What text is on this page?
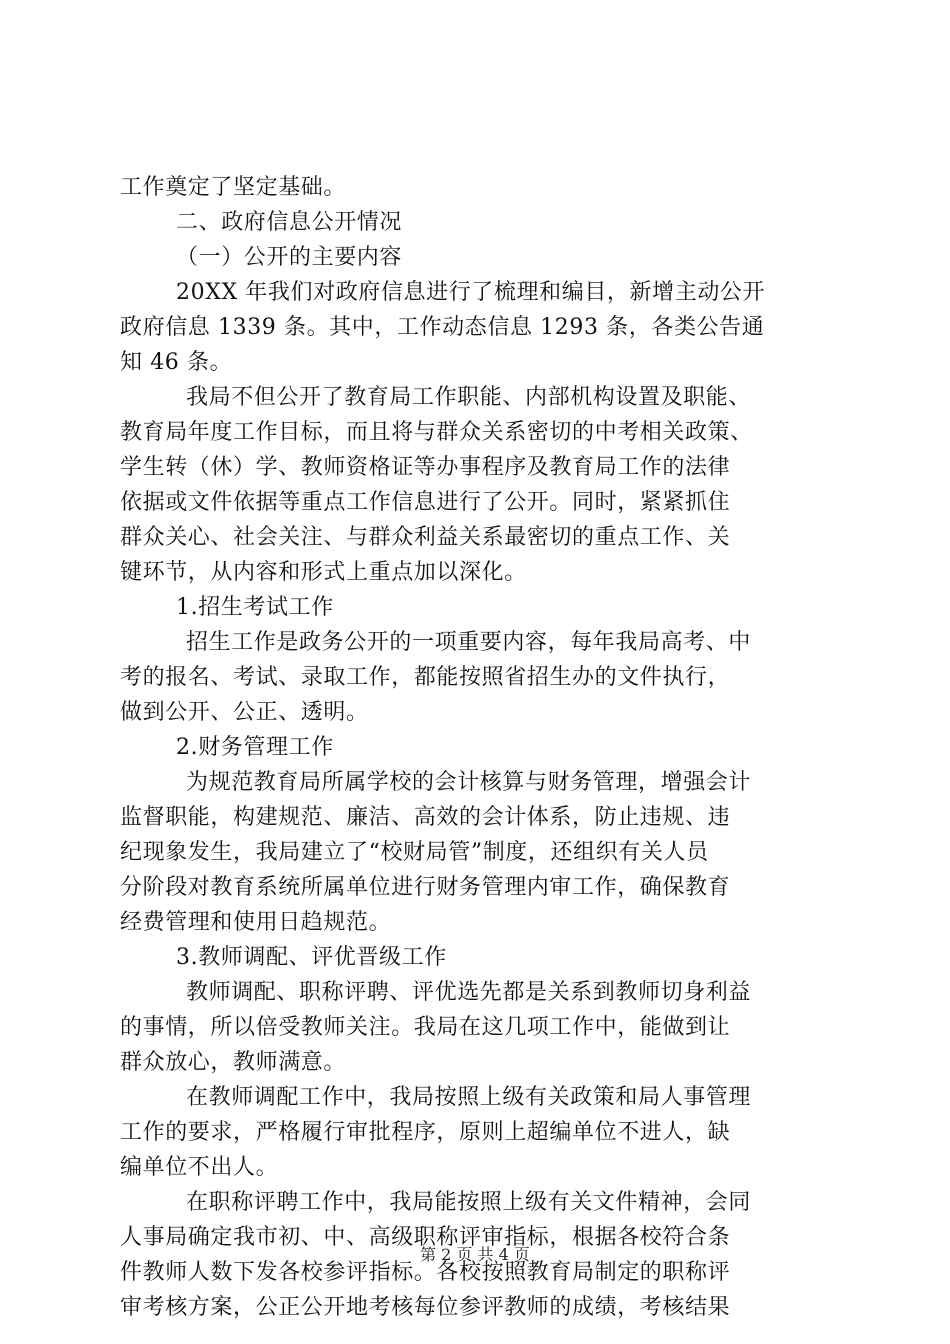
工作奠定了坚定基础。
二、政府信息公开情况
（一）公开的主要内容
20XX 年我们对政府信息进行了梳理和编目，新增主动公开
政府信息 1339 条。其中，工作动态信息 1293 条，各类公告通
知 46 条。
我局不但公开了教育局工作职能、内部机构设置及职能、
教育局年度工作目标，而且将与群众关系密切的中考相关政策、
学生转（休）学、教师资格证等办事程序及教育局工作的法律
依据或文件依据等重点工作信息进行了公开。同时，紧紧抓住
群众关心、社会关注、与群众利益关系最密切的重点工作、关
键环节，从内容和形式上重点加以深化。
1.招生考试工作
招生工作是政务公开的一项重要内容，每年我局高考、中
考的报名、考试、录取工作，都能按照省招生办的文件执行，
做到公开、公正、透明。
2.财务管理工作
为规范教育局所属学校的会计核算与财务管理，增强会计
监督职能，构建规范、廉洁、高效的会计体系，防止违规、违
纪现象发生，我局建立了“校财局管”制度，还组织有关人员
分阶段对教育系统所属单位进行财务管理内审工作，确保教育
经费管理和使用日趋规范。
3.教师调配、评优晋级工作
教师调配、职称评聘、评优选先都是关系到教师切身利益
的事情，所以倍受教师关注。我局在这几项工作中，能做到让
群众放心，教师满意。
在教师调配工作中，我局按照上级有关政策和局人事管理
工作的要求，严格履行审批程序，原则上超编单位不进人，缺
编单位不出人。
在职称评聘工作中，我局能按照上级有关文件精神，会同
人事局确定我市初、中、高级职称评审指标，根据各校符合条
件教师人数下发各校参评指标。各校按照教育局制定的职称评
审考核方案，公正公开地考核每位参评教师的成绩，考核结果
第 2 页 共 4 页
